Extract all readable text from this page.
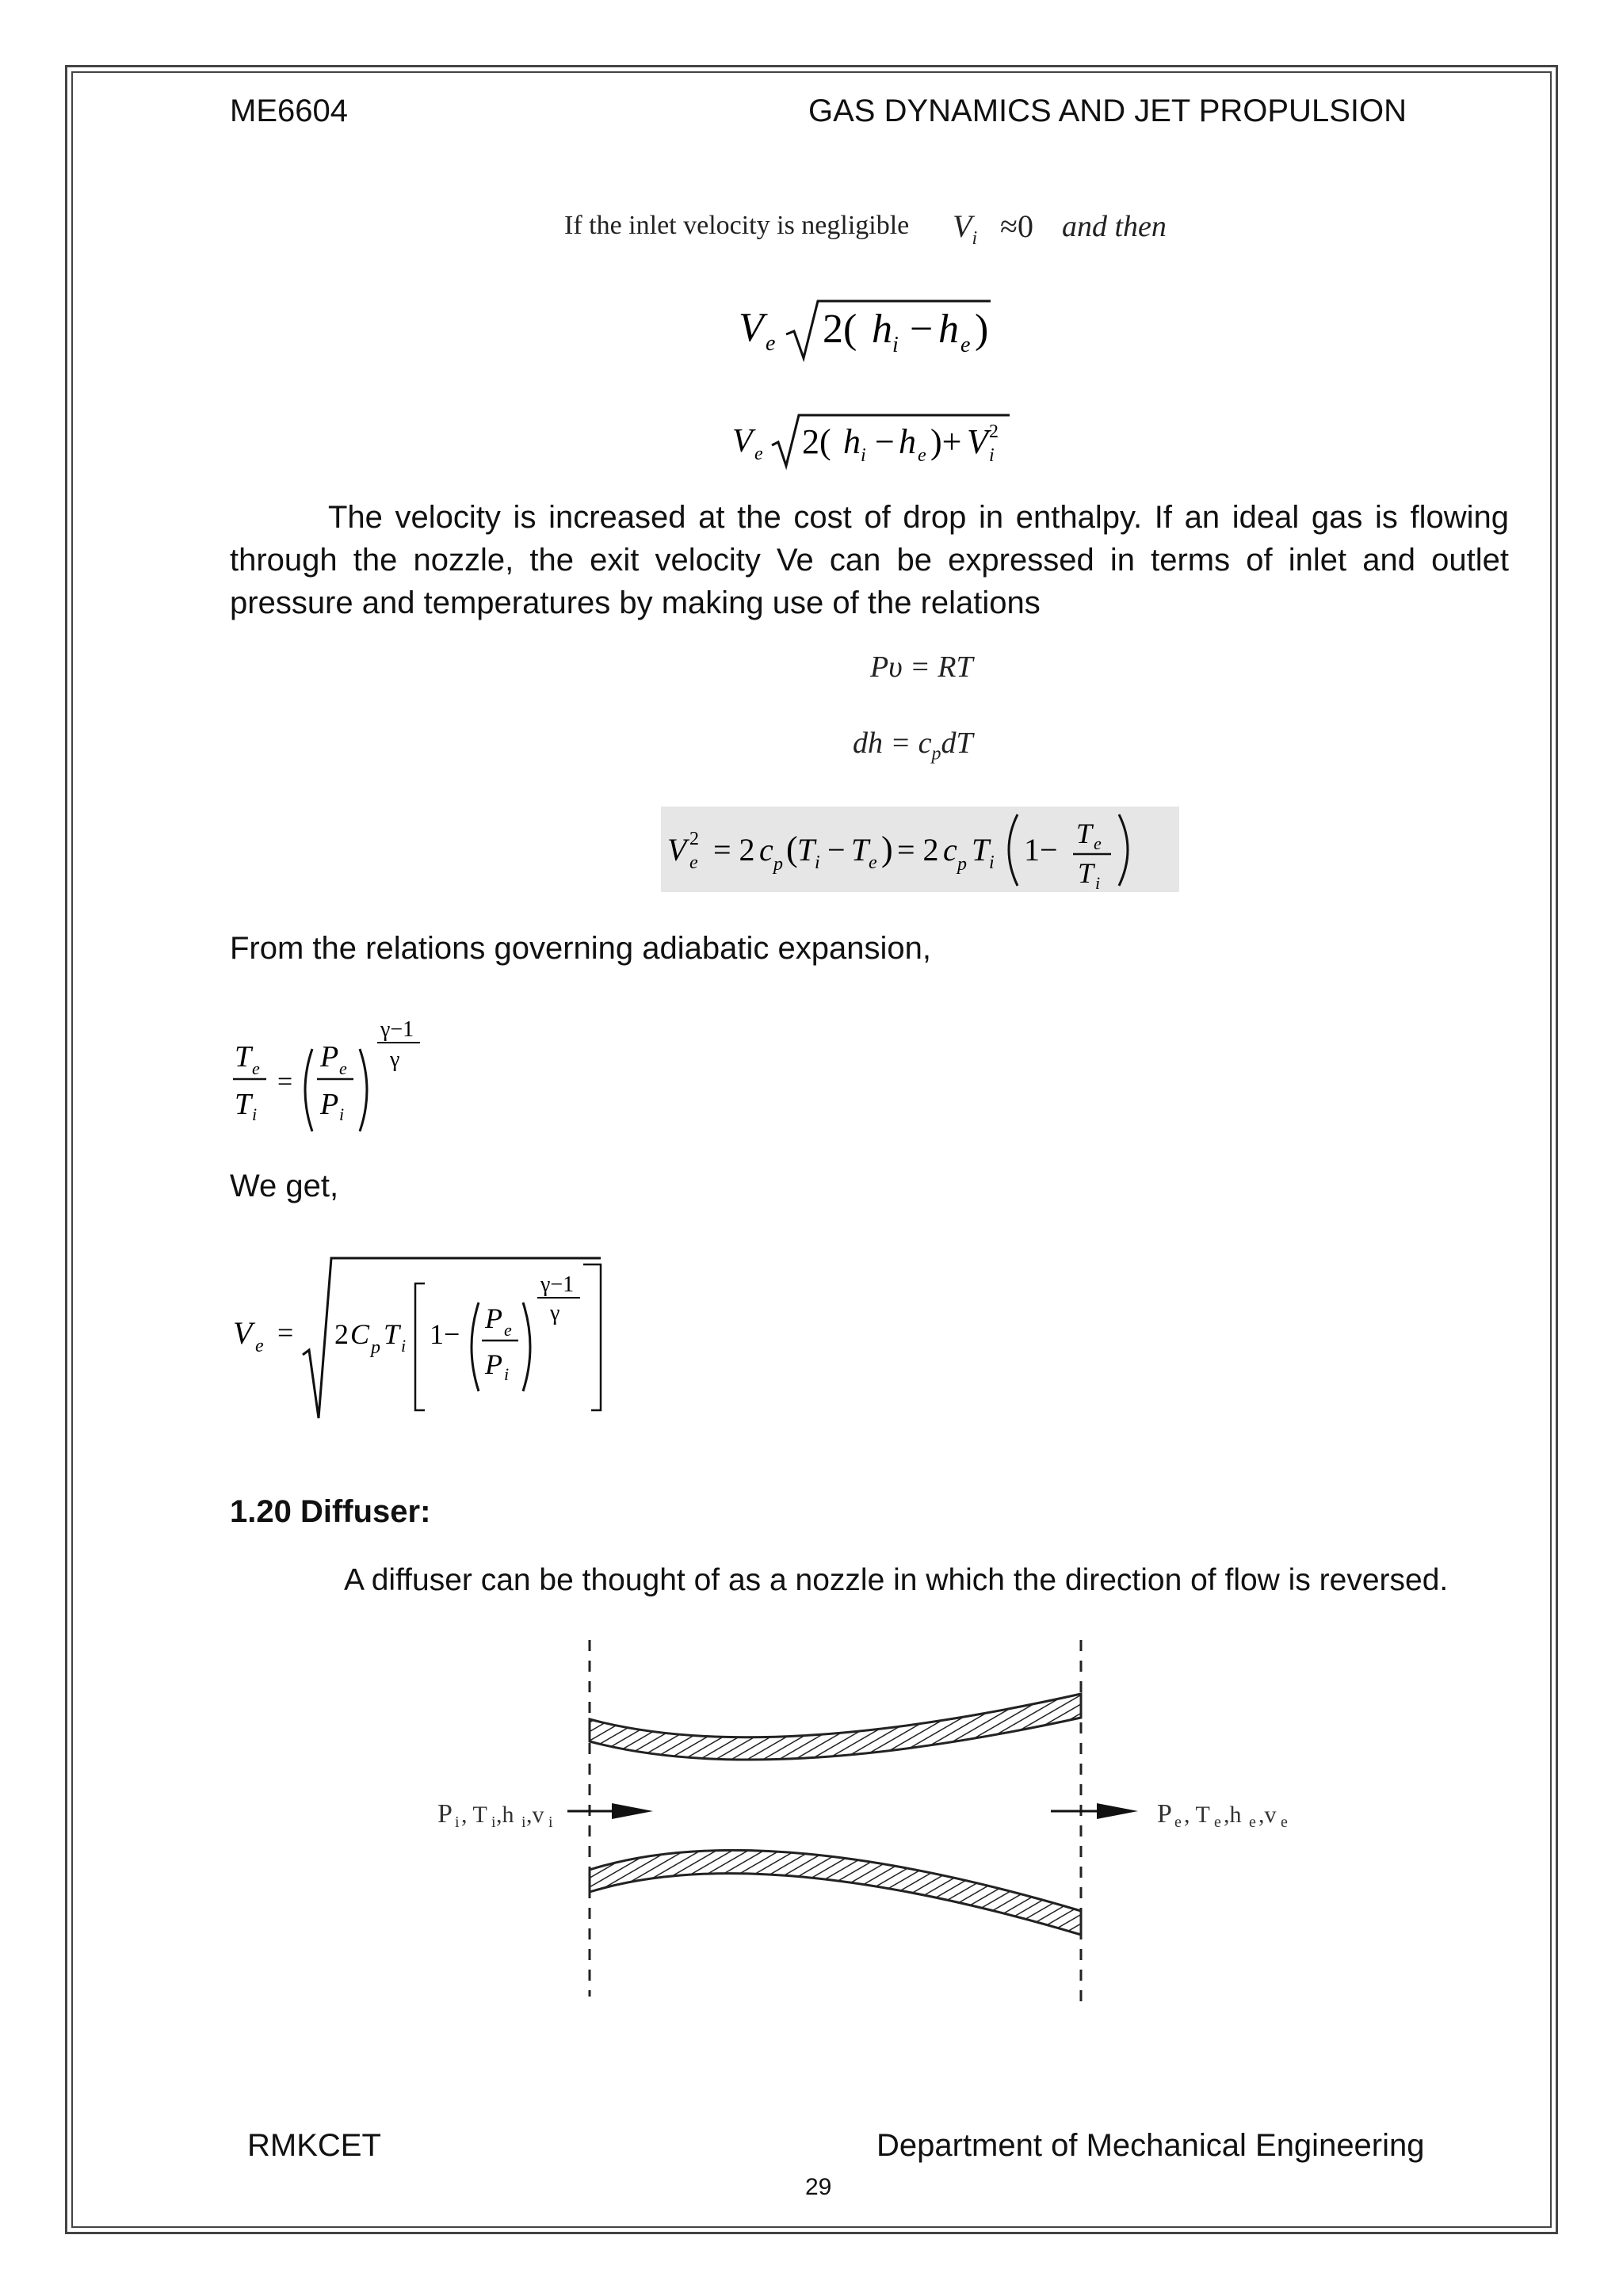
ME6604	GAS DYNAMICS AND JET PROPULSION
If the inlet velocity is negligible $V_i \approx 0$ and then
V e 2( h i − h e )
V e 2( h i − h e )+ V 2
i
The velocity is increased at the cost of drop in enthalpy. If an ideal gas is flowing through the nozzle, the exit velocity Ve can be expressed in terms of inlet and outlet pressure and temperatures by making use of the relations
Pυ = RT
dh = $c_pdT$
V 2
e = 2 c p ( T i − T e ) = 2 c p T i 1− T e
T i
From the relations governing adiabatic expansion,
T e
T i
=
P e
P i
γ−1
γ
We get,
V e = 2 C p T i 1− P e
P i
γ−1
γ
1.20 Diffuser:
A diffuser can be thought of as a nozzle in which the direction of flow is reversed.
P i , T i ,h i ,v i	P e , T e ,h e ,v e
RMKCET	Department of Mechanical Engineering
29
